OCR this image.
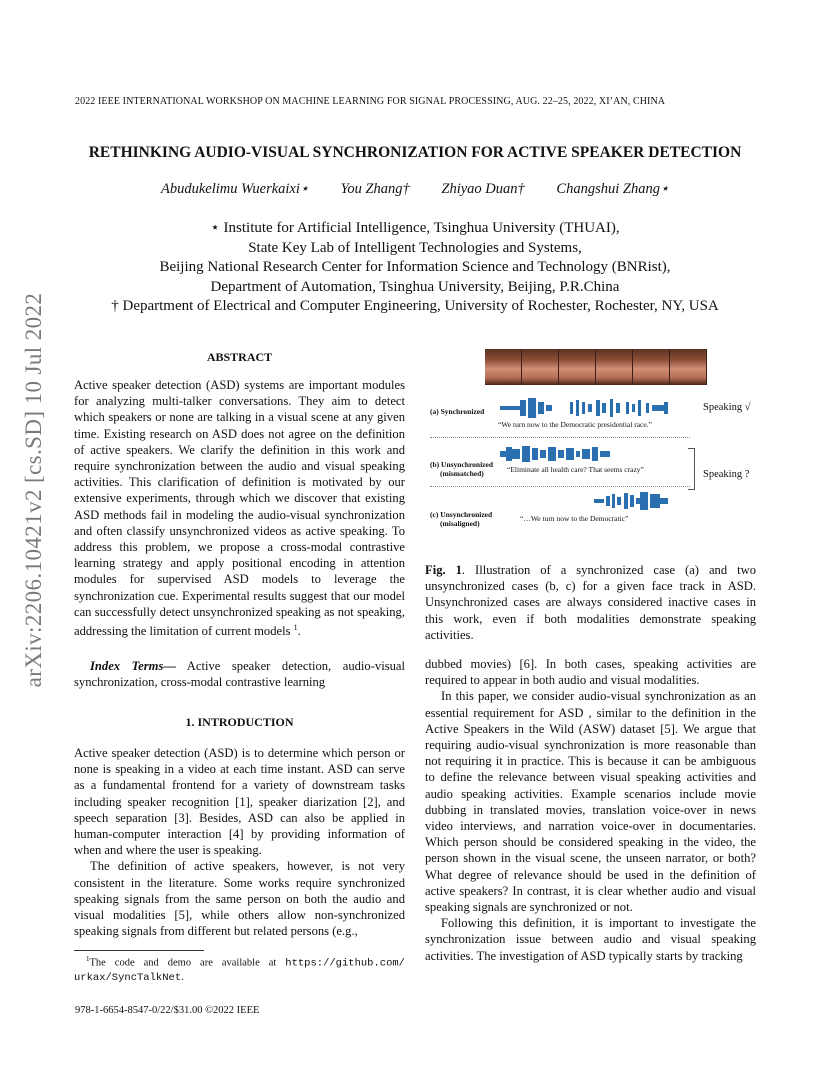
2022 IEEE INTERNATIONAL WORKSHOP ON MACHINE LEARNING FOR SIGNAL PROCESSING, AUG. 22–25, 2022, XI’AN, CHINA
RETHINKING AUDIO-VISUAL SYNCHRONIZATION FOR ACTIVE SPEAKER DETECTION
Abudukelimu Wuerkaixi⋆ You Zhang† Zhiyao Duan† Changshui Zhang⋆
⋆ Institute for Artificial Intelligence, Tsinghua University (THUAI),
State Key Lab of Intelligent Technologies and Systems,
Beijing National Research Center for Information Science and Technology (BNRist),
Department of Automation, Tsinghua University, Beijing, P.R.China
† Department of Electrical and Computer Engineering, University of Rochester, Rochester, NY, USA
arXiv:2206.10421v2 [cs.SD] 10 Jul 2022	ABSTRACT

Active speaker detection (ASD) systems are important modules for analyzing multi-talker conversations. They aim to detect which speakers or none are talking in a visual scene at any given time. Existing research on ASD does not agree on the definition of active speakers. We clarify the definition in this work and require synchronization between the audio and visual speaking activities. This clarification of definition is motivated by our extensive experiments, through which we discover that existing ASD methods fail in modeling the audio-visual synchronization and often classify unsynchronized videos as active speaking. To address this problem, we propose a cross-modal contrastive learning strategy and apply positional encoding in attention modules for supervised ASD models to leverage the synchronization cue. Experimental results suggest that our model can successfully detect unsynchronized speaking as not speaking, addressing the limitation of current models $^1$.

Index Terms— Active speaker detection, audio-visual synchronization, cross-modal contrastive learning

1. INTRODUCTION

Active speaker detection (ASD) is to determine which person or none is speaking in a video at each time instant. ASD can serve as a fundamental frontend for a variety of downstream tasks including speaker recognition [1], speaker diarization [2], and speech separation [3]. Besides, ASD can also be applied in human-computer interaction [4] by providing information of when and where the user is speaking.

The definition of active speakers, however, is not very consistent in the literature. Some works require synchronized speaking signals from the same person on both the audio and visual modalities [5], while others allow non-synchronized speaking signals from different but related persons (e.g.,

$^1$The code and demo are available at https://github.com/ urkax/SyncTalkNet.
978-1-6654-8547-0/22/$31.00 ©2022 IEEE
(a) Synchronized
“We turn now to the Democratic presidential race.”
Speaking √
(b) Unsynchronized
(mismatched)	“Eliminate all health care? That seems crazy”	Speaking ?
(c) Unsynchronized
(misaligned)
“…We turn now to the Democratic”
Fig. 1. Illustration of a synchronized case (a) and two unsynchronized cases (b, c) for a given face track in ASD. Unsynchronized cases are always considered inactive cases in this work, even if both modalities demonstrate speaking activities.

dubbed movies) [6]. In both cases, speaking activities are required to appear in both audio and visual modalities.

In this paper, we consider audio-visual synchronization as an essential requirement for ASD , similar to the definition in the Active Speakers in the Wild (ASW) dataset [5]. We argue that requiring audio-visual synchronization is more reasonable than not requiring it in practice. This is because it can be ambiguous to define the relevance between visual speaking activities and audio speaking activities. Example scenarios include movie dubbing in translated movies, translation voice-over in news video interviews, and narration voice-over in documentaries. Which person should be considered speaking in the video, the person shown in the visual scene, the unseen narrator, or both? What degree of relevance should be used in the definition of active speakers? In contrast, it is clear whether audio and visual speaking signals are synchronized or not.

Following this definition, it is important to investigate the synchronization issue between audio and visual speaking activities. The investigation of ASD typically starts by tracking
